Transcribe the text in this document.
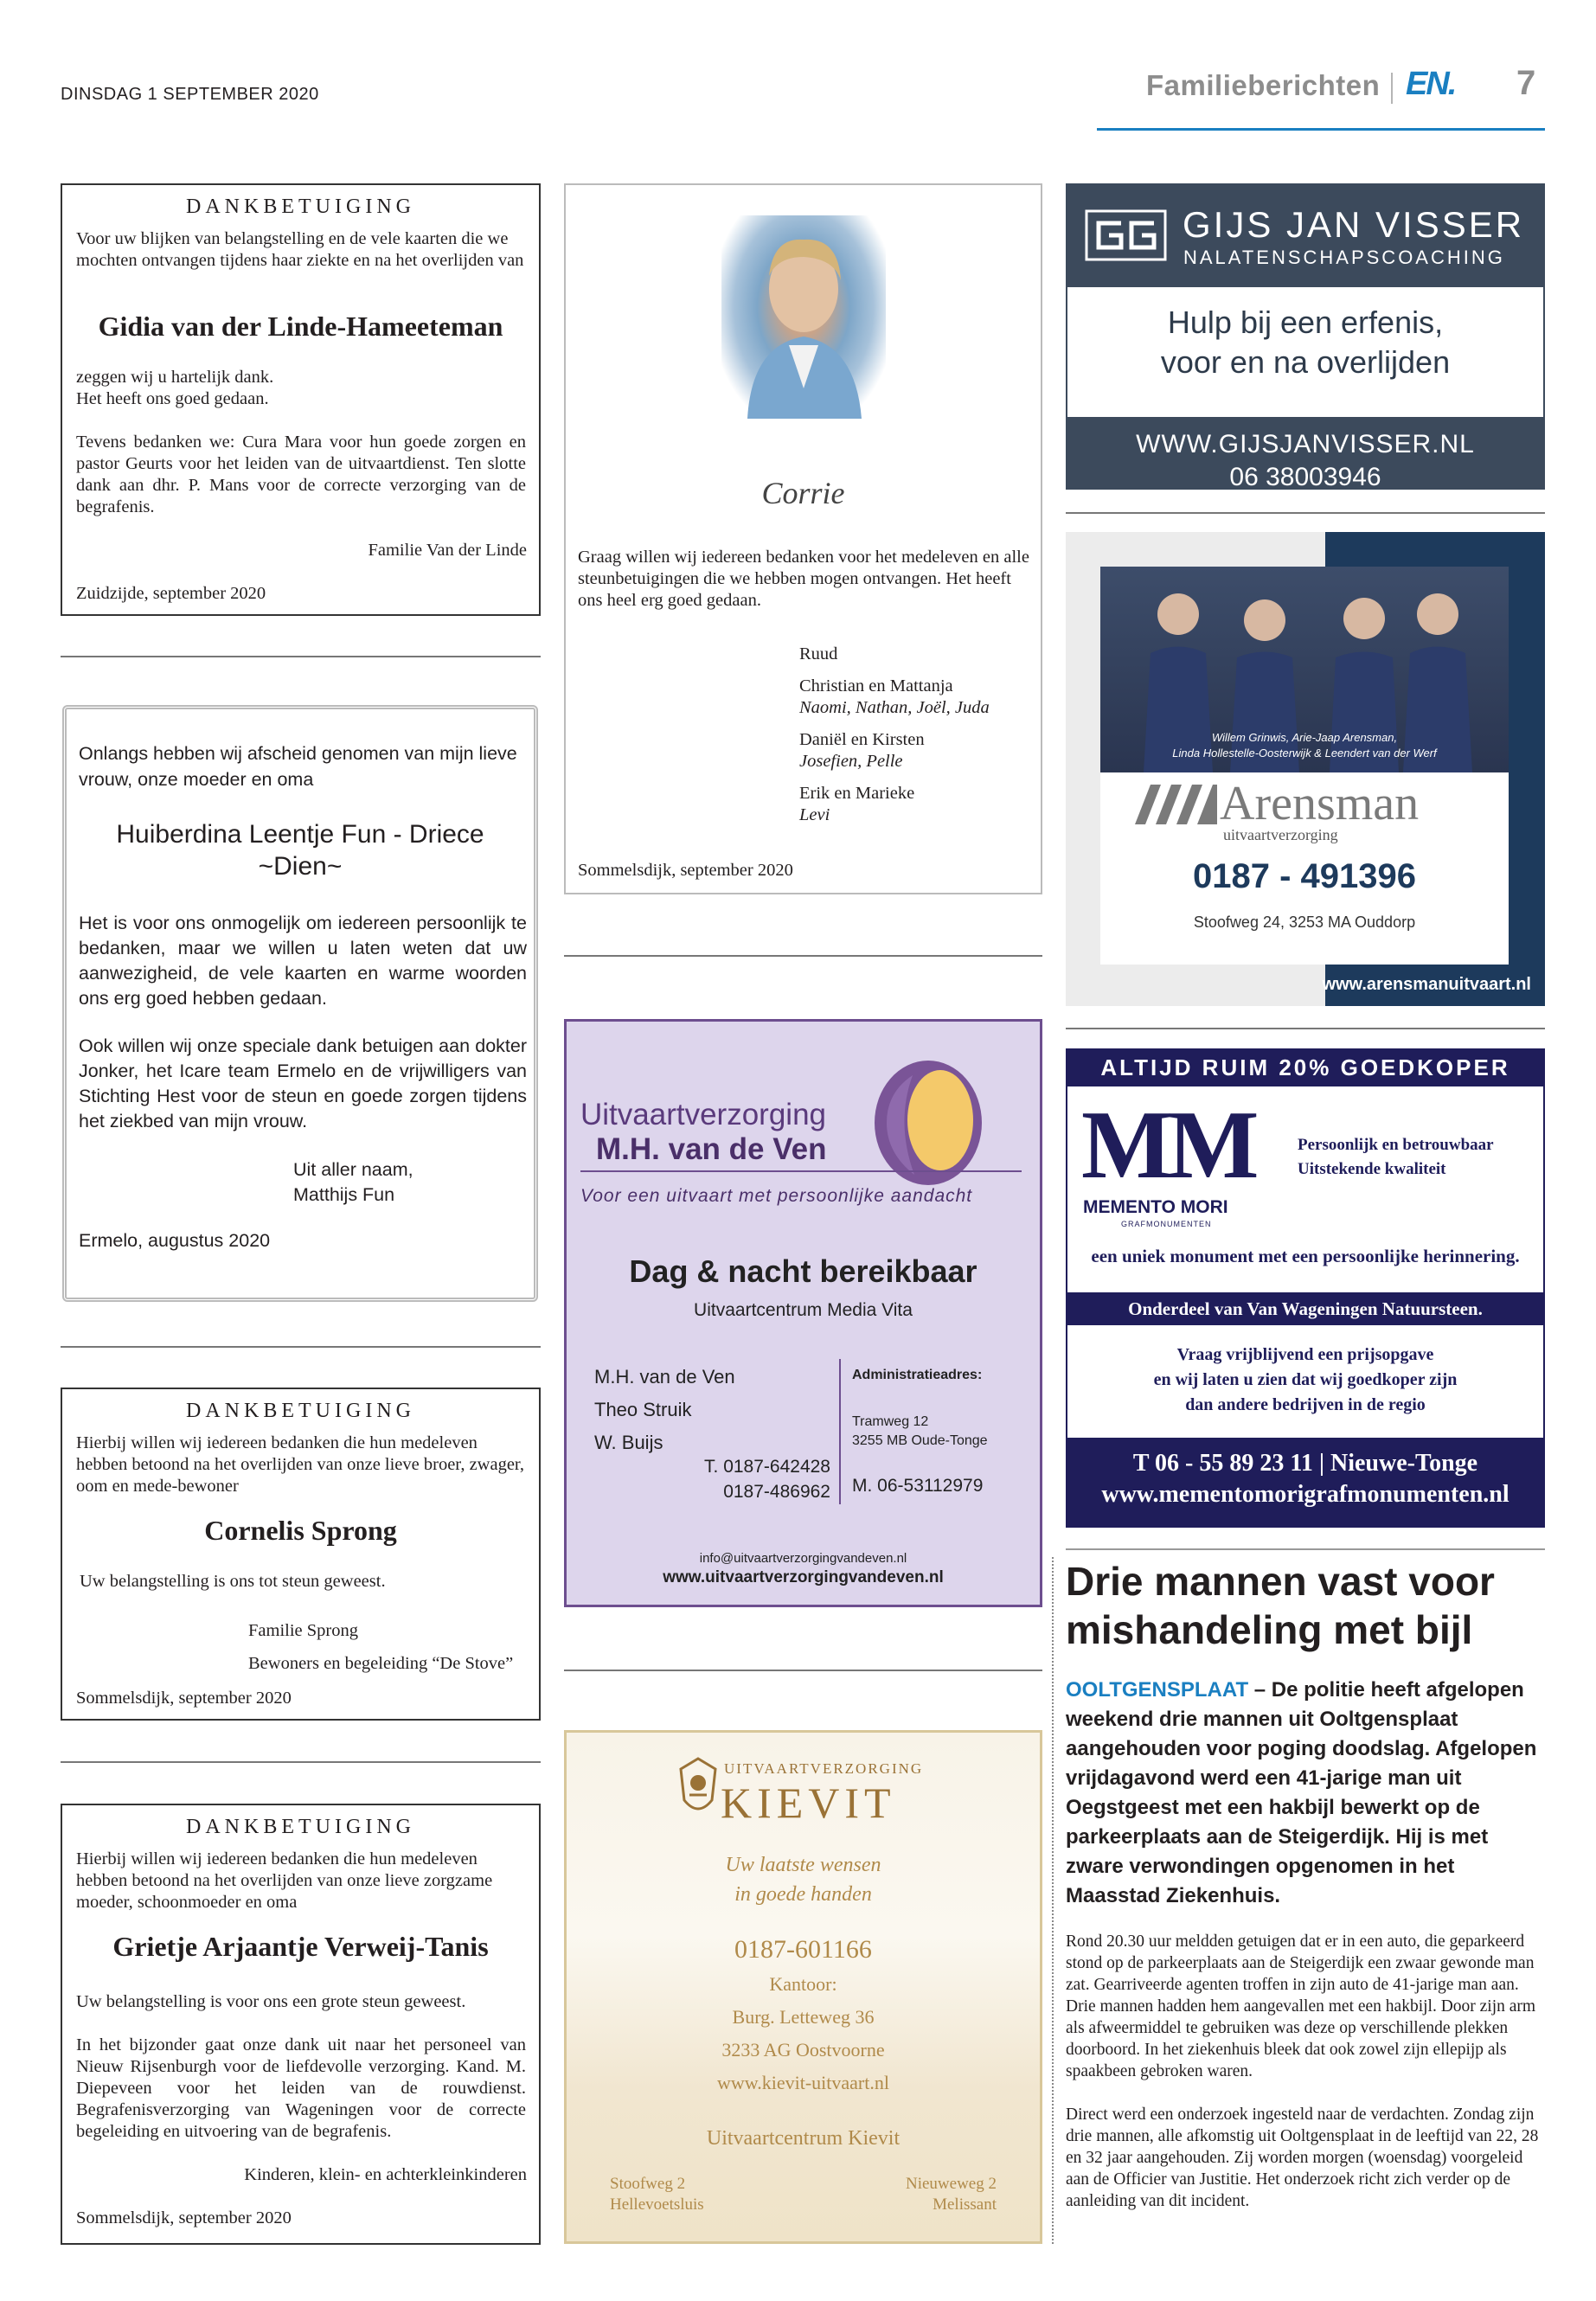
DINSDAG 1 SEPTEMBER 2020	Familieberichten EN. 7
DANKBETUIGING
Voor uw blijken van belangstelling en de vele kaarten die we mochten ontvangen tijdens haar ziekte en na het overlijden van
Gidia van der Linde-Hameeteman
zeggen wij u hartelijk dank.
Het heeft ons goed gedaan.
Tevens bedanken we: Cura Mara voor hun goede zorgen en pastor Geurts voor het leiden van de uitvaartdienst. Ten slotte dank aan dhr. P. Mans voor de correcte verzorging van de begrafenis.
Familie Van der Linde
Zuidzijde, september 2020
Onlangs hebben wij afscheid genomen van mijn lieve vrouw, onze moeder en oma
Huiberdina Leentje Fun - Driece
~Dien~
Het is voor ons onmogelijk om iedereen persoonlijk te bedanken, maar we willen u laten weten dat uw aanwezigheid, de vele kaarten en warme woorden ons erg goed hebben gedaan.
Ook willen wij onze speciale dank betuigen aan dokter Jonker, het Icare team Ermelo en de vrijwilligers van Stichting Hest voor de steun en goede zorgen tijdens het ziekbed van mijn vrouw.
Uit aller naam,
Matthijs Fun
Ermelo, augustus 2020
DANKBETUIGING
Hierbij willen wij iedereen bedanken die hun medeleven hebben betoond na het overlijden van onze lieve broer, zwager, oom en mede-bewoner
Cornelis Sprong
Uw belangstelling is ons tot steun geweest.
Familie Sprong
Bewoners en begeleiding “De Stove”
Sommelsdijk, september 2020
DANKBETUIGING
Hierbij willen wij iedereen bedanken die hun medeleven hebben betoond na het overlijden van onze lieve zorgzame moeder, schoonmoeder en oma
Grietje Arjaantje Verweij-Tanis
Uw belangstelling is voor ons een grote steun geweest.
In het bijzonder gaat onze dank uit naar het personeel van Nieuw Rijsenburgh voor de liefdevolle verzorging. Kand. M. Diepeveen voor het leiden van de rouwdienst. Begrafenisverzorging van Wageningen voor de correcte begeleiding en uitvoering van de begrafenis.
Kinderen, klein- en achterkleinkinderen
Sommelsdijk, september 2020
Corrie
Graag willen wij iedereen bedanken voor het medeleven en alle steunbetuigingen die we hebben mogen ontvangen. Het heeft ons heel erg goed gedaan.
Ruud
Christian en Mattanja
Naomi, Nathan, Joël, Juda
Daniël en Kirsten
Josefien, Pelle
Erik en Marieke
Levi
Sommelsdijk, september 2020
Uitvaartverzorging
M.H. van de Ven
Voor een uitvaart met persoonlijke aandacht
Dag & nacht bereikbaar
Uitvaartcentrum Media Vita
M.H. van de Ven
Theo Struik
W. Buijs
T. 0187-642428
0187-486962
Administratieadres:
Tramweg 12
3255 MB Oude-Tonge
M. 06-53112979
info@uitvaartverzorgingvandeven.nl
www.uitvaartverzorgingvandeven.nl
UITVAARTVERZORGING
KIEVIT
Uw laatste wensen
in goede handen
0187-601166
Kantoor:
Burg. Letteweg 36
3233 AG Oostvoorne
www.kievit-uitvaart.nl
Uitvaartcentrum Kievit
Stoofweg 2
Hellevoetsluis
Nieuweweg 2
Melissant
GIJS JAN VISSER
NALATENSCHAPSCOACHING
Hulp bij een erfenis,
voor en na overlijden
WWW.GIJSJANVISSER.NL
06 38003946
Willem Grinwis, Arie-Jaap Arensman,
Linda Hollestelle-Oosterwijk & Leendert van der Werf
Arensman
uitvaartverzorging
0187 - 491396
Stoofweg 24, 3253 MA Ouddorp
www.arensmanuitvaart.nl
ALTIJD RUIM 20% GOEDKOPER
MM	Persoonlijk en betrouwbaar
Uitstekende kwaliteit
MEMENTO MORI
GRAFMONUMENTEN
een uniek monument met een persoonlijke herinnering.
Onderdeel van Van Wageningen Natuursteen.
Vraag vrijblijvend een prijsopgave
en wij laten u zien dat wij goedkoper zijn
dan andere bedrijven in de regio
T 06 - 55 89 23 11 | Nieuwe-Tonge
www.mementomorigrafmonumenten.nl
Drie mannen vast voor mishandeling met bijl
OOLTGENSPLAAT – De politie heeft afgelopen weekend drie mannen uit Ooltgensplaat aangehouden voor poging doodslag. Afgelopen vrijdagavond werd een 41-jarige man uit Oegstgeest met een hakbijl bewerkt op de parkeerplaats aan de Steigerdijk. Hij is met zware verwondingen opgenomen in het Maasstad Ziekenhuis.

Rond 20.30 uur meldden getuigen dat er in een auto, die geparkeerd stond op de parkeerplaats aan de Steigerdijk een zwaar gewonde man zat. Gearriveerde agenten troffen in zijn auto de 41-jarige man aan. Drie mannen hadden hem aangevallen met een hakbijl. Door zijn arm als afweermiddel te gebruiken was deze op verschillende plekken doorboord. In het ziekenhuis bleek dat ook zowel zijn ellepijp als spaakbeen gebroken waren.

Direct werd een onderzoek ingesteld naar de verdachten. Zondag zijn drie mannen, alle afkomstig uit Ooltgensplaat in de leeftijd van 22, 28 en 32 jaar aangehouden. Zij worden morgen (woensdag) voorgeleid aan de Officier van Justitie. Het onderzoek richt zich verder op de aanleiding van dit incident.
